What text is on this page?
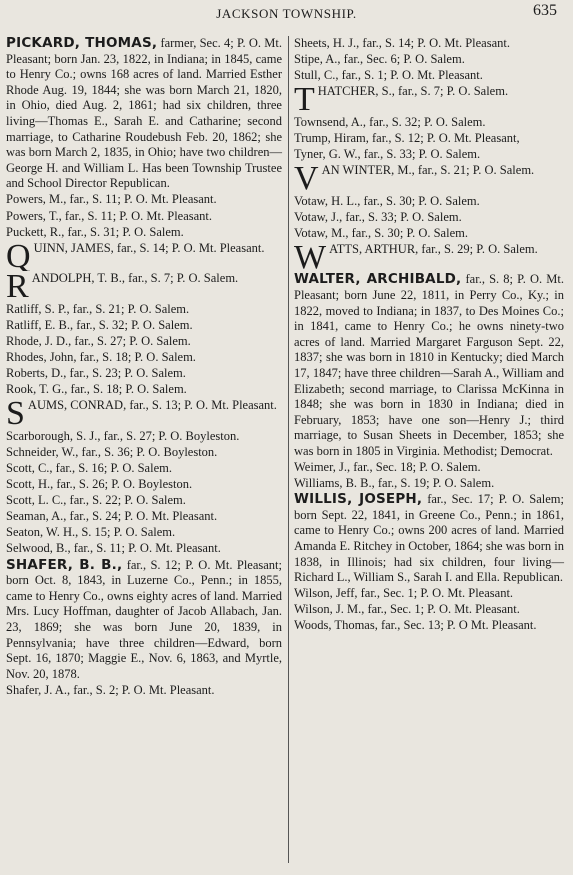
JACKSON TOWNSHIP.	635
PICKARD, THOMAS, farmer, Sec. 4; P. O. Mt. Pleasant; born Jan. 23, 1822, in Indiana; in 1845, came to Henry Co.; owns 168 acres of land. Married Esther Rhode Aug. 19, 1844; she was born March 21, 1820, in Ohio, died Aug. 2, 1861; had six children, three living—Thomas E., Sarah E. and Catharine; second marriage, to Catharine Roudebush Feb. 20, 1862; she was born March 2, 1835, in Ohio; have two children—George H. and William L. Has been Township Trustee and School Director Republican.
Powers, M., far., S. 11; P. O. Mt. Pleasant.
Powers, T., far., S. 11; P. O. Mt. Pleasant.
Puckett, R., far., S. 31; P. O. Salem.
QUINN, JAMES, far., S. 14; P. O. Mt. Pleasant.
RANDOLPH, T. B., far., S. 7; P. O. Salem.
Ratliff, S. P., far., S. 21; P. O. Salem.
Ratliff, E. B., far., S. 32; P. O. Salem.
Rhode, J. D., far., S. 27; P. O. Salem.
Rhodes, John, far., S. 18; P. O. Salem.
Roberts, D., far., S. 23; P. O. Salem.
Rook, T. G., far., S. 18; P. O. Salem.
SAUMS, CONRAD, far., S. 13; P. O. Mt. Pleasant.
Scarborough, S. J., far., S. 27; P. O. Boyleston.
Schneider, W., far., S. 36; P. O. Boyleston.
Scott, C., far., S. 16; P. O. Salem.
Scott, H., far., S. 26; P. O. Boyleston.
Scott, L. C., far., S. 22; P. O. Salem.
Seaman, A., far., S. 24; P. O. Mt. Pleasant.
Seaton, W. H., S. 15; P. O. Salem.
Selwood, B., far., S. 11; P. O. Mt. Pleasant.
SHAFER, B. B., far., S. 12; P. O. Mt. Pleasant; born Oct. 8, 1843, in Luzerne Co., Penn.; in 1855, came to Henry Co., owns eighty acres of land. Married Mrs. Lucy Hoffman, daughter of Jacob Allabach, Jan. 23, 1869; she was born June 20, 1839, in Pennsylvania; have three children—Edward, born Sept. 16, 1870; Maggie E., Nov. 6, 1863, and Myrtle, Nov. 20, 1878.
Shafer, J. A., far., S. 2; P. O. Mt. Pleasant.
Sheets, H. J., far., S. 14; P. O. Mt. Pleasant.
Stipe, A., far., Sec. 6; P. O. Salem.
Stull, C., far., S. 1; P. O. Mt. Pleasant.
THATCHER, S., far., S. 7; P. O. Salem.
Townsend, A., far., S. 32; P. O. Salem.
Trump, Hiram, far., S. 12; P. O. Mt. Pleasant,
Tyner, G. W., far., S. 33; P. O. Salem.
VAN WINTER, M., far., S. 21; P. O. Salem.
Votaw, H. L., far., S. 30; P. O. Salem.
Votaw, J., far., S. 33; P. O. Salem.
Votaw, M., far., S. 30; P. O. Salem.
WATTS, ARTHUR, far., S. 29; P. O. Salem.
WALTER, ARCHIBALD, far., S. 8; P. O. Mt. Pleasant; born June 22, 1811, in Perry Co., Ky.; in 1822, moved to Indiana; in 1837, to Des Moines Co.; in 1841, came to Henry Co.; he owns ninety-two acres of land. Married Margaret Farguson Sept. 22, 1837; she was born in 1810 in Kentucky; died March 17, 1847; have three children—Sarah A., William and Elizabeth; second marriage, to Clarissa McKinna in 1848; she was born in 1830 in Indiana; died in February, 1853; have one son—Henry J.; third marriage, to Susan Sheets in December, 1853; she was born in 1805 in Virginia. Methodist; Democrat.
Weimer, J., far., Sec. 18; P. O. Salem.
Williams, B. B., far., S. 19; P. O. Salem.
WILLIS, JOSEPH, far., Sec. 17; P. O. Salem; born Sept. 22, 1841, in Greene Co., Penn.; in 1861, came to Henry Co.; owns 200 acres of land. Married Amanda E. Ritchey in October, 1864; she was born in 1838, in Illinois; had six children, four living—Richard L., William S., Sarah I. and Ella. Republican.
Wilson, Jeff, far., Sec. 1; P. O. Mt. Pleasant.
Wilson, J. M., far., Sec. 1; P. O. Mt. Pleasant.
Woods, Thomas, far., Sec. 13; P. O Mt. Pleasant.
